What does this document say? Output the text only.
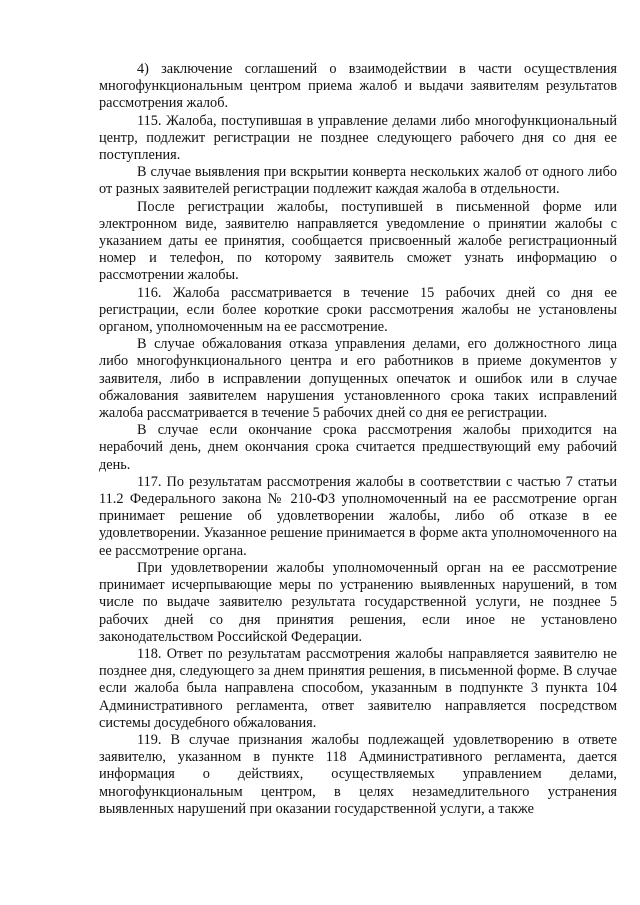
4) заключение соглашений о взаимодействии в части осуществления многофункциональным центром приема жалоб и выдачи заявителям результатов рассмотрения жалоб.

115. Жалоба, поступившая в управление делами либо многофункциональный центр, подлежит регистрации не позднее следующего рабочего дня со дня ее поступления.

В случае выявления при вскрытии конверта нескольких жалоб от одного либо от разных заявителей регистрации подлежит каждая жалоба в отдельности.

После регистрации жалобы, поступившей в письменной форме или электронном виде, заявителю направляется уведомление о принятии жалобы с указанием даты ее принятия, сообщается присвоенный жалобе регистрационный номер и телефон, по которому заявитель сможет узнать информацию о рассмотрении жалобы.

116. Жалоба рассматривается в течение 15 рабочих дней со дня ее регистрации, если более короткие сроки рассмотрения жалобы не установлены органом, уполномоченным на ее рассмотрение.

В случае обжалования отказа управления делами, его должностного лица либо многофункционального центра и его работников в приеме документов у заявителя, либо в исправлении допущенных опечаток и ошибок или в случае обжалования заявителем нарушения установленного срока таких исправлений жалоба рассматривается в течение 5 рабочих дней со дня ее регистрации.

В случае если окончание срока рассмотрения жалобы приходится на нерабочий день, днем окончания срока считается предшествующий ему рабочий день.

117. По результатам рассмотрения жалобы в соответствии с частью 7 статьи 11.2 Федерального закона № 210-ФЗ уполномоченный на ее рассмотрение орган принимает решение об удовлетворении жалобы, либо об отказе в ее удовлетворении. Указанное решение принимается в форме акта уполномоченного на ее рассмотрение органа.

При удовлетворении жалобы уполномоченный орган на ее рассмотрение принимает исчерпывающие меры по устранению выявленных нарушений, в том числе по выдаче заявителю результата государственной услуги, не позднее 5 рабочих дней со дня принятия решения, если иное не установлено законодательством Российской Федерации.

118. Ответ по результатам рассмотрения жалобы направляется заявителю не позднее дня, следующего за днем принятия решения, в письменной форме. В случае если жалоба была направлена способом, указанным в подпункте 3 пункта 104 Административного регламента, ответ заявителю направляется посредством системы досудебного обжалования.

119. В случае признания жалобы подлежащей удовлетворению в ответе заявителю, указанном в пункте 118 Административного регламента, дается информация о действиях, осуществляемых управлением делами, многофункциональным центром, в целях незамедлительного устранения выявленных нарушений при оказании государственной услуги, а также
